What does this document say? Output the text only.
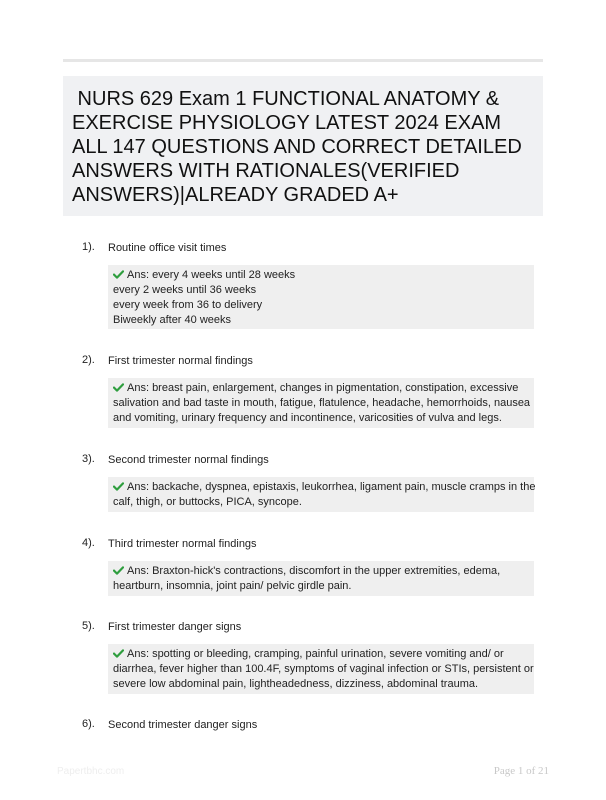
NURS 629 Exam 1 FUNCTIONAL ANATOMY &
EXERCISE PHYSIOLOGY LATEST 2024 EXAM
ALL 147 QUESTIONS AND CORRECT DETAILED
ANSWERS WITH RATIONALES(VERIFIED
ANSWERS)|ALREADY GRADED A+
1). Routine office visit times
Ans: every 4 weeks until 28 weeks
every 2 weeks until 36 weeks
every week from 36 to delivery
Biweekly after 40 weeks
2). First trimester normal findings
Ans: breast pain, enlargement, changes in pigmentation, constipation, excessive
salivation and bad taste in mouth, fatigue, flatulence, headache, hemorrhoids, nausea
and vomiting, urinary frequency and incontinence, varicosities of vulva and legs.
3). Second trimester normal findings
Ans: backache, dyspnea, epistaxis, leukorrhea, ligament pain, muscle cramps in the
calf, thigh, or buttocks, PICA, syncope.
4). Third trimester normal findings
Ans: Braxton-hick's contractions, discomfort in the upper extremities, edema,
heartburn, insomnia, joint pain/ pelvic girdle pain.
5). First trimester danger signs
Ans: spotting or bleeding, cramping, painful urination, severe vomiting and/ or
diarrhea, fever higher than 100.4F, symptoms of vaginal infection or STIs, persistent or
severe low abdominal pain, lightheadedness, dizziness, abdominal trauma.
6). Second trimester danger signs
Papertbhc.com	Page 1 of 21
